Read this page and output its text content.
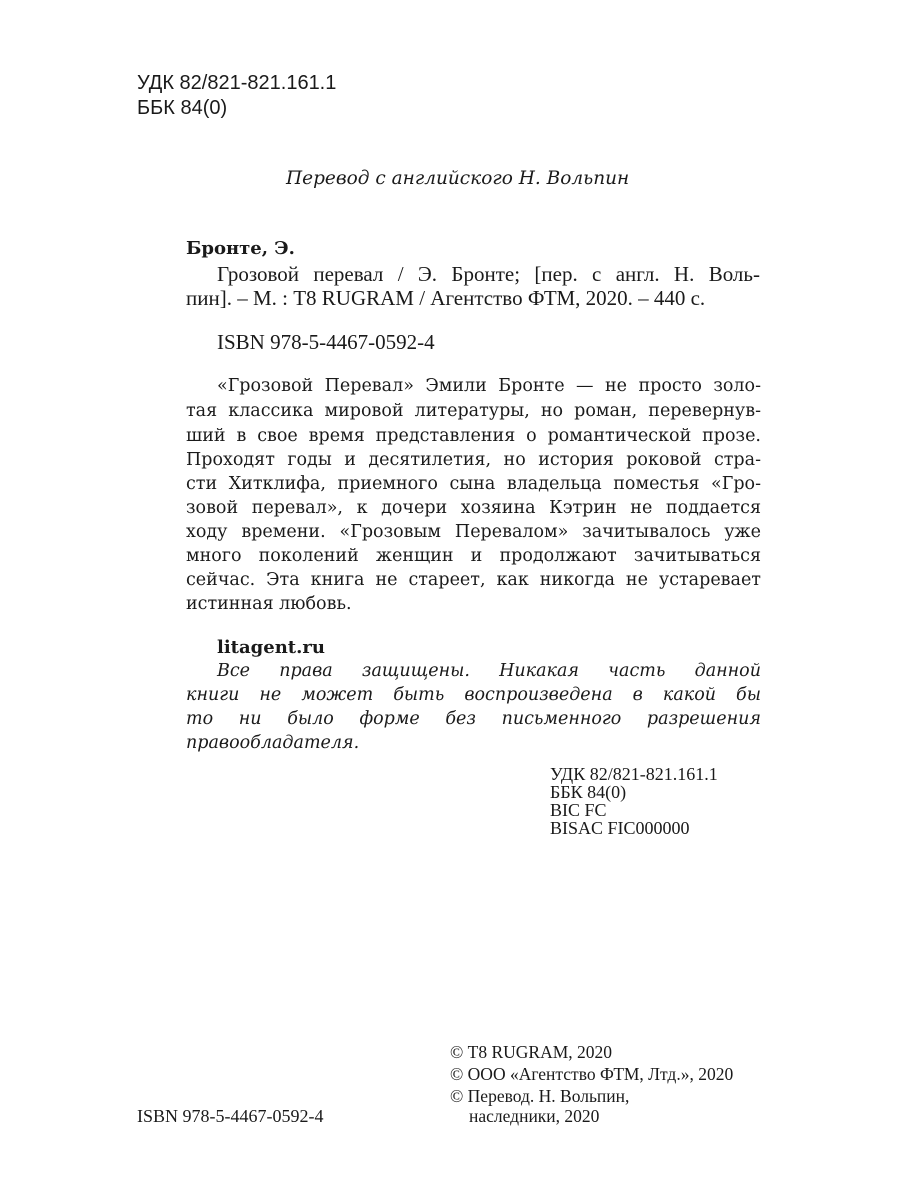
УДК 82/821-821.161.1
ББК 84(0)
Перевод с английского Н. Вольпин
Бронте, Э.
Грозовой перевал / Э. Бронте; [пер. с англ. Н. Воль-
пин]. – М. : Т8 RUGRAM / Агентство ФТМ, 2020. – 440 с.
ISBN 978-5-4467-0592-4
«Грозовой Перевал» Эмили Бронте — не просто золо-
тая классика мировой литературы, но роман, перевернув-
ший в свое время представления о романтической прозе.
Проходят годы и десятилетия, но история роковой стра-
сти Хитклифа, приемного сына владельца поместья «Гро-
зовой перевал», к дочери хозяина Кэтрин не поддается
ходу времени. «Грозовым Перевалом» зачитывалось уже
много поколений женщин и продолжают зачитываться
сейчас. Эта книга не стареет, как никогда не устаревает
истинная любовь.
litagent.ru
Все права защищены. Никакая часть данной
книги не может быть воспроизведена в какой бы
то ни было форме без письменного разрешения
правообладателя.
УДК 82/821-821.161.1
ББК 84(0)
BIC FC
BISAC FIC000000
© Т8 RUGRAM, 2020
© ООО «Агентство ФТМ, Лтд.», 2020
© Перевод. Н. Вольпин,
наследники, 2020
ISBN 978-5-4467-0592-4
